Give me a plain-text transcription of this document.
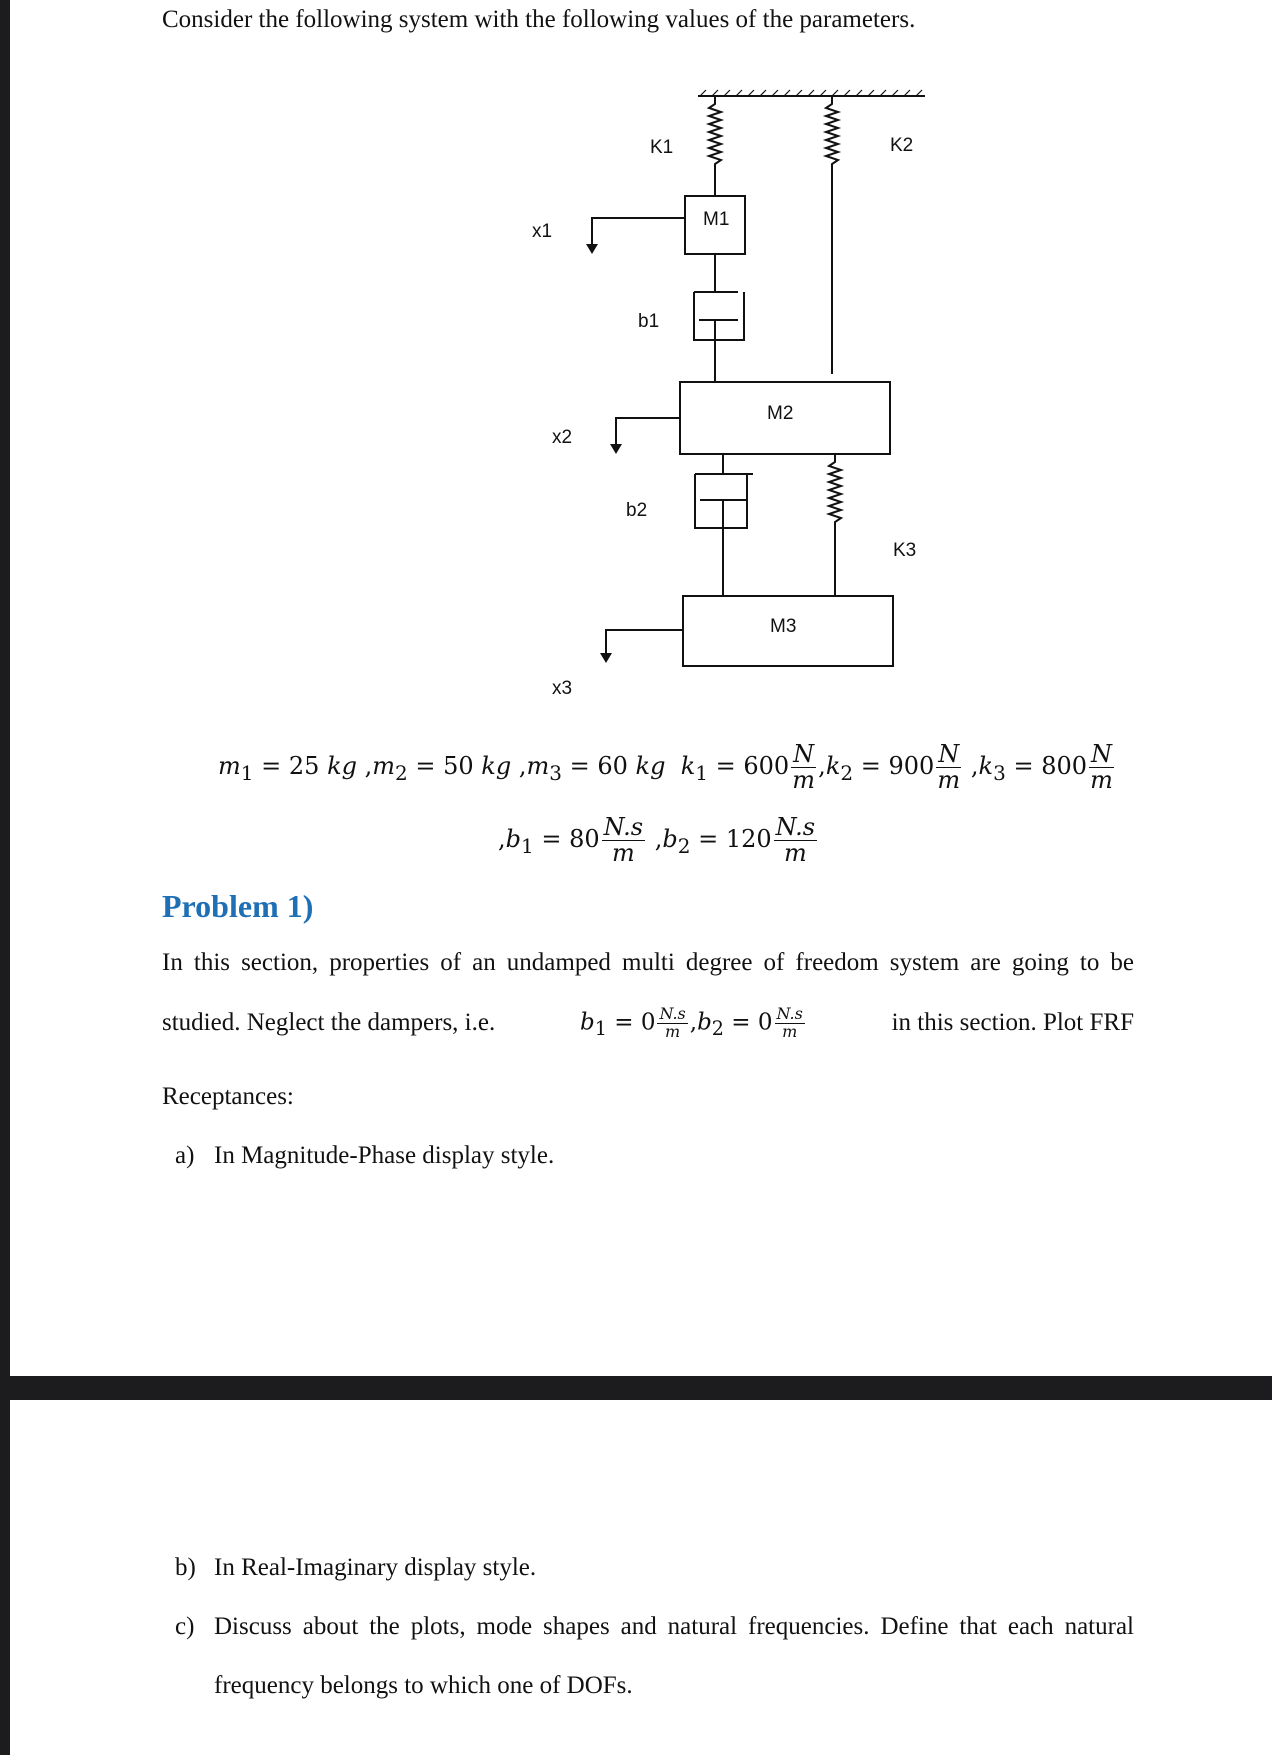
Consider the following system with the following values of the parameters.
K1	K2
K3
M1
M2
M3
b1
b2
x1
x2
x3
$m_1 = 25$ kg $,m_2 = 50$ kg $,m_3 = 60$ kg $k_1 = 600 \frac{N}{m} ,k_2 = 900 \frac{N}{m} ,k_3 = 800 \frac{N}{m}$
$,b_1 = 80 \frac{N.s}{m} ,b_2 = 120 \frac{N.s}{m}$
Problem 1)
In this section, properties of an undamped multi degree of freedom system are going to be
studied. Neglect the dampers, i.e.	$b_1 = 0 \frac{N.s}{m} ,b_2 = 0 \frac{N.s}{m}$	in this section. Plot FRF
Receptances:
a) In Magnitude-Phase display style.
b) In Real-Imaginary display style.
c) Discuss about the plots, mode shapes and natural frequencies. Define that each natural
frequency belongs to which one of DOFs.
